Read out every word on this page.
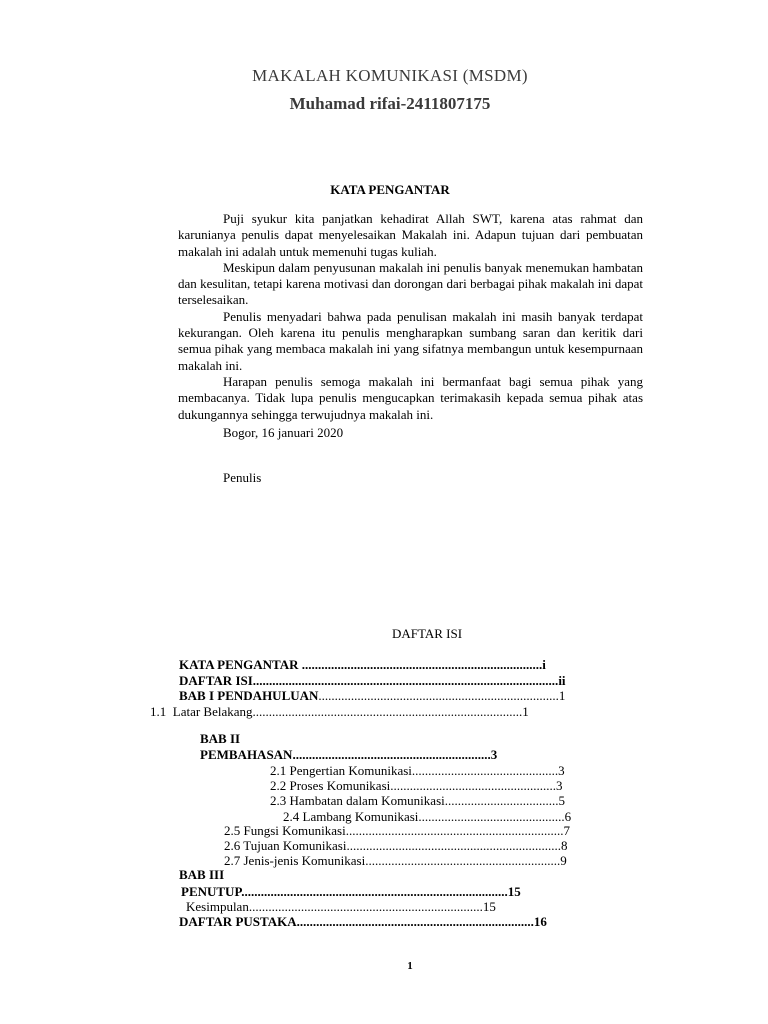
MAKALAH KOMUNIKASI (MSDM)
Muhamad rifai-2411807175
KATA PENGANTAR

Puji syukur kita panjatkan kehadirat Allah SWT, karena atas rahmat dan karunianya penulis dapat menyelesaikan Makalah ini. Adapun tujuan dari pembuatan makalah ini adalah untuk memenuhi tugas kuliah.

Meskipun dalam penyusunan makalah ini penulis banyak menemukan hambatan dan kesulitan, tetapi karena motivasi dan dorongan dari berbagai pihak makalah ini dapat terselesaikan.

Penulis menyadari bahwa pada penulisan makalah ini masih banyak terdapat kekurangan. Oleh karena itu penulis mengharapkan sumbang saran dan keritik dari semua pihak yang membaca makalah ini yang sifatnya membangun untuk kesempurnaan makalah ini.

Harapan penulis semoga makalah ini bermanfaat bagi semua pihak yang membacanya. Tidak lupa penulis mengucapkan terimakasih kepada semua pihak atas dukungannya sehingga terwujudnya makalah ini.

Bogor, 16 januari 2020
Penulis
DAFTAR ISI
KATA PENGANTAR ..........................................................................i
DAFTAR ISI..............................................................................................ii
BAB I PENDAHULUAN..........................................................................1
1.1 Latar Belakang...................................................................................1
BAB II
PEMBAHASAN.............................................................3
2.1 Pengertian Komunikasi.............................................3
2.2 Proses Komunikasi...................................................3
2.3 Hambatan dalam Komunikasi...................................5
2.4 Lambang Komunikasi.............................................6
2.5 Fungsi Komunikasi...................................................................7
2.6 Tujuan Komunikasi..................................................................8
2.7 Jenis-jenis Komunikasi............................................................9
BAB III
PENUTUP..................................................................................15
Kesimpulan........................................................................15
DAFTAR PUSTAKA.........................................................................16
1
